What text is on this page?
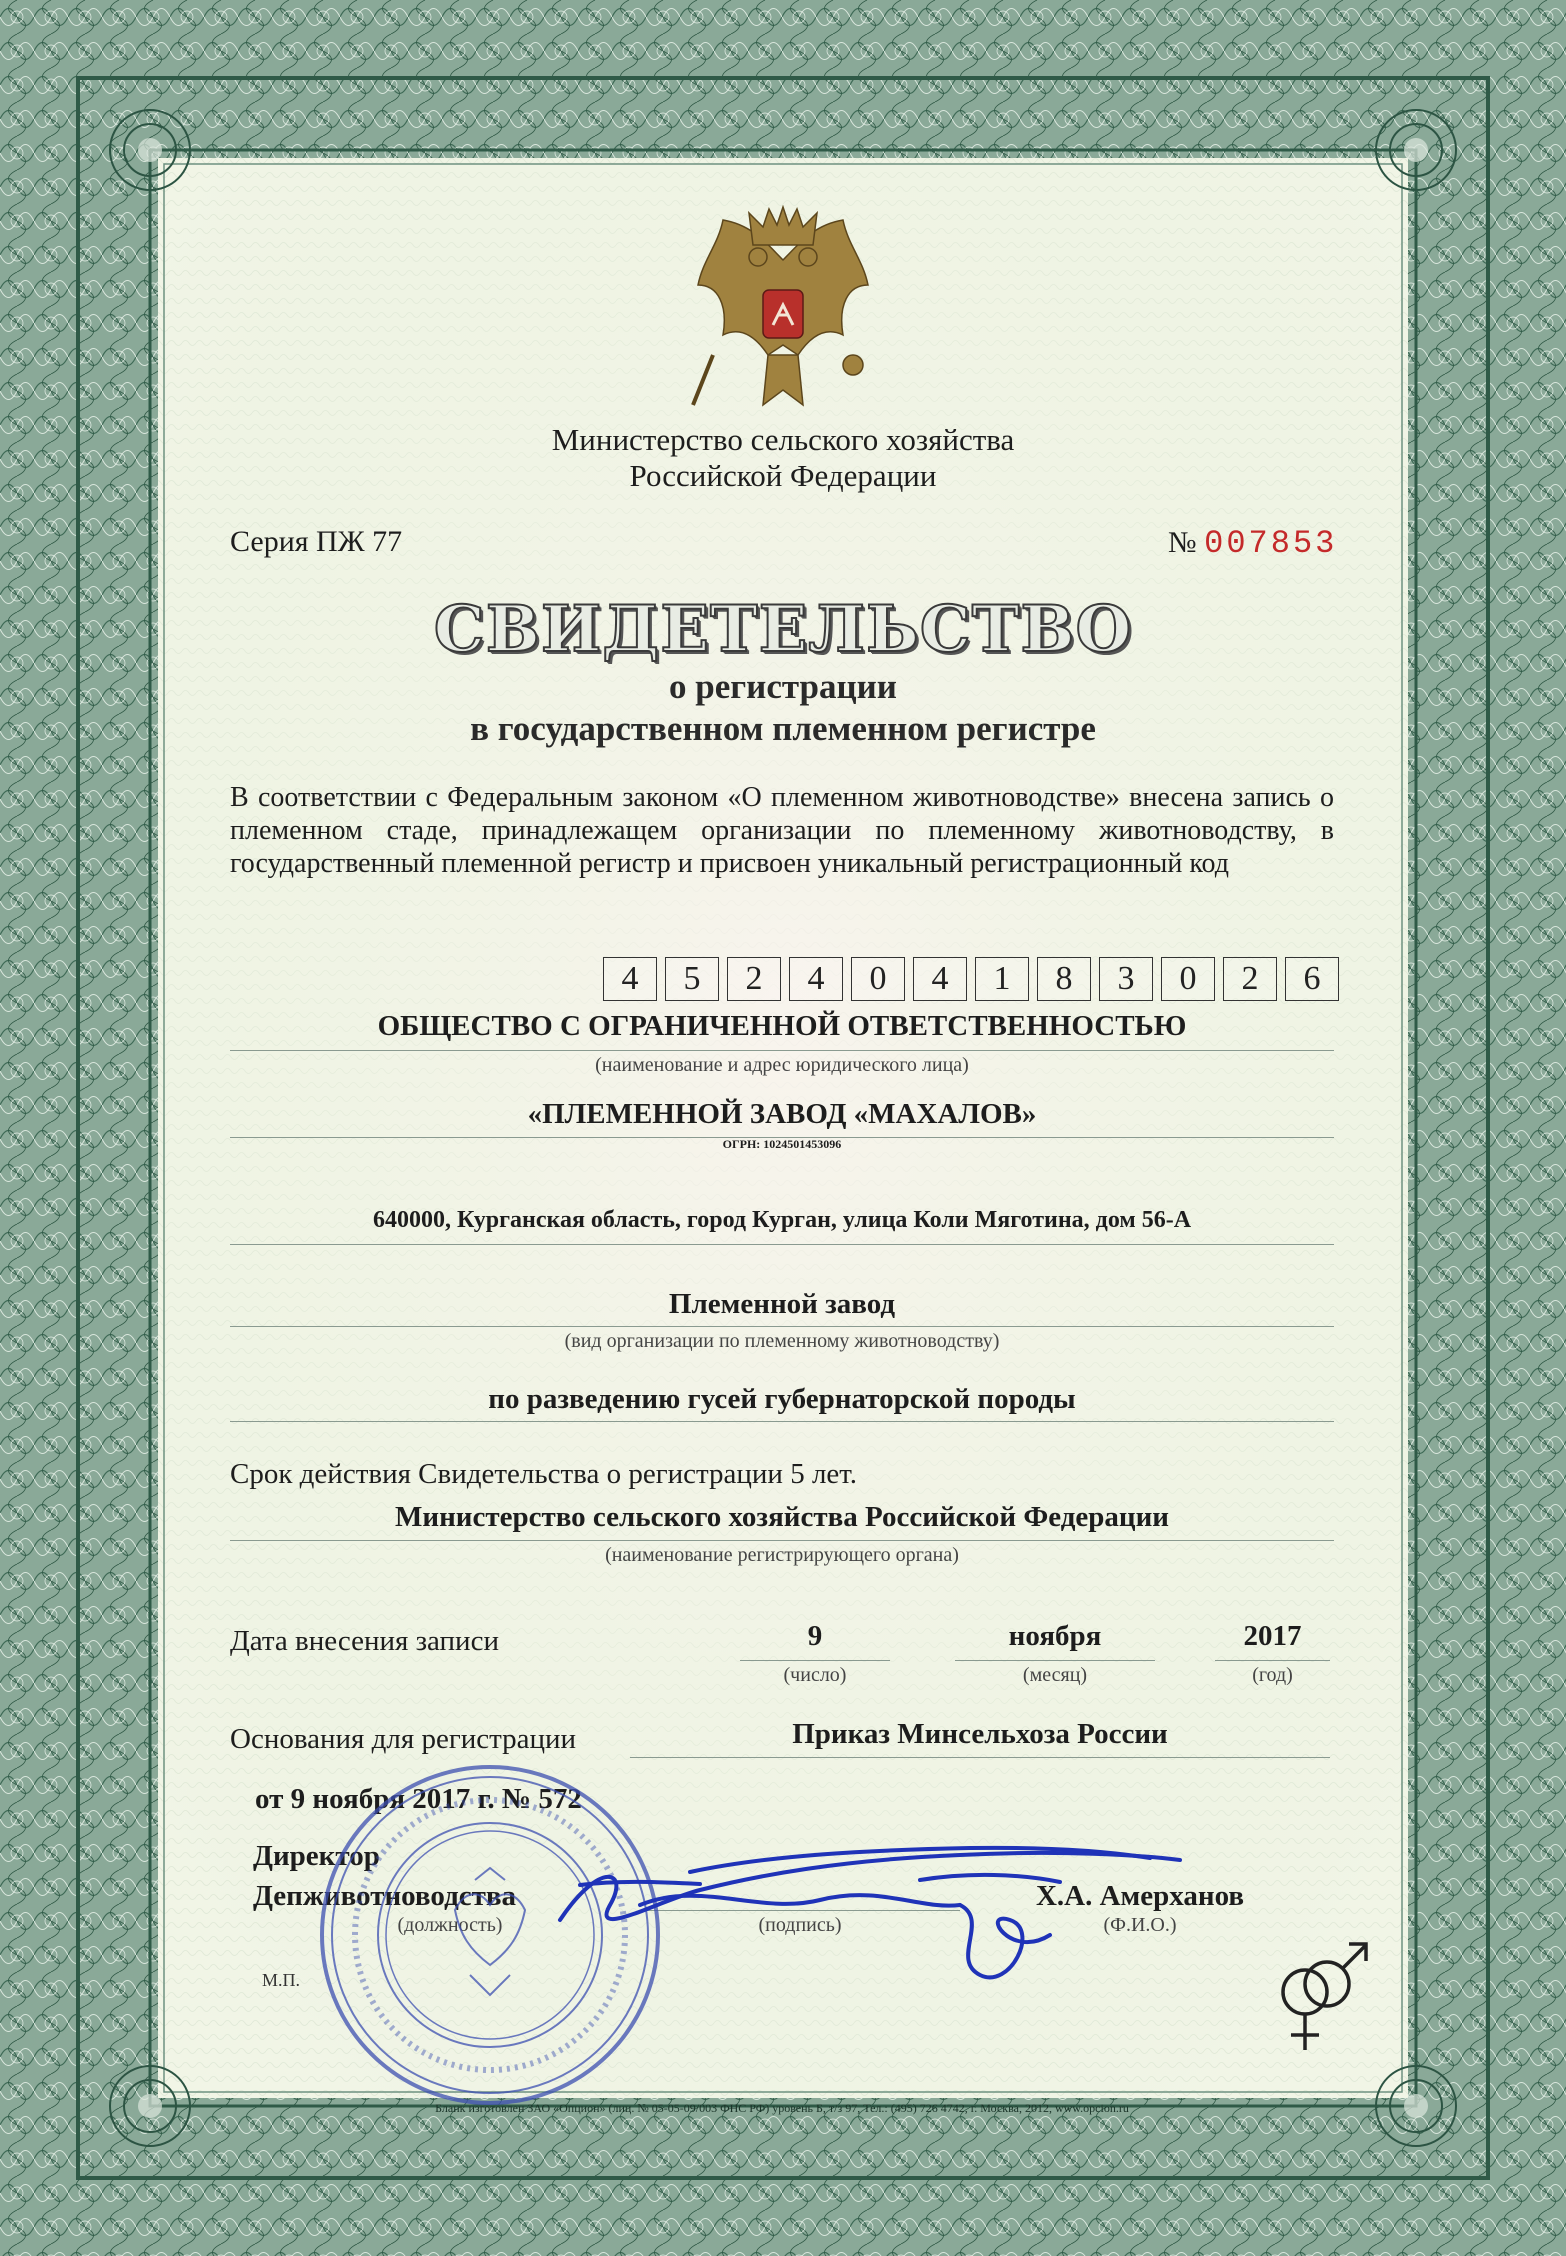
Министерство сельского хозяйства
Российской Федерации
Серия ПЖ 77	№ 007853
СВИДЕТЕЛЬСТВО
о регистрации
в государственном племенном регистре
В соответствии с Федеральным законом «О племенном животноводстве» внесена запись о племенном стаде, принадлежащем организации по племенному животноводству, в государственный племенной регистр и присвоен уникальный регистрационный код
4	5	2	4	0	4	1	8	3	0	2	6
ОБЩЕСТВО С ОГРАНИЧЕННОЙ ОТВЕТСТВЕННОСТЬЮ
(наименование и адрес юридического лица)
«ПЛЕМЕННОЙ ЗАВОД «МАХАЛОВ»
ОГРН: 1024501453096
640000, Курганская область, город Курган, улица Коли Мяготина, дом 56-А
Племенной завод
(вид организации по племенному животноводству)
по разведению гусей губернаторской породы
Срок действия Свидетельства о регистрации 5 лет.
Министерство сельского хозяйства Российской Федерации
(наименование регистрирующего органа)
Дата внесения записи	9
(число)
ноября
(месяц)
2017
(год)
Основания для регистрации	Приказ Минсельхоза России
от 9 ноября 2017 г. № 572
Директор
Депживотноводства
(должность)	(подпись)
Х.А. Амерханов
(Ф.И.О.)
М.П.
Бланк изготовлен ЗАО «Опцион» (лиц. № 05-05-09/003 ФНС РФ) уровень Б, т/з 97, Тел.: (495) 726 4742, г. Москва, 2012, www.opcion.ru
